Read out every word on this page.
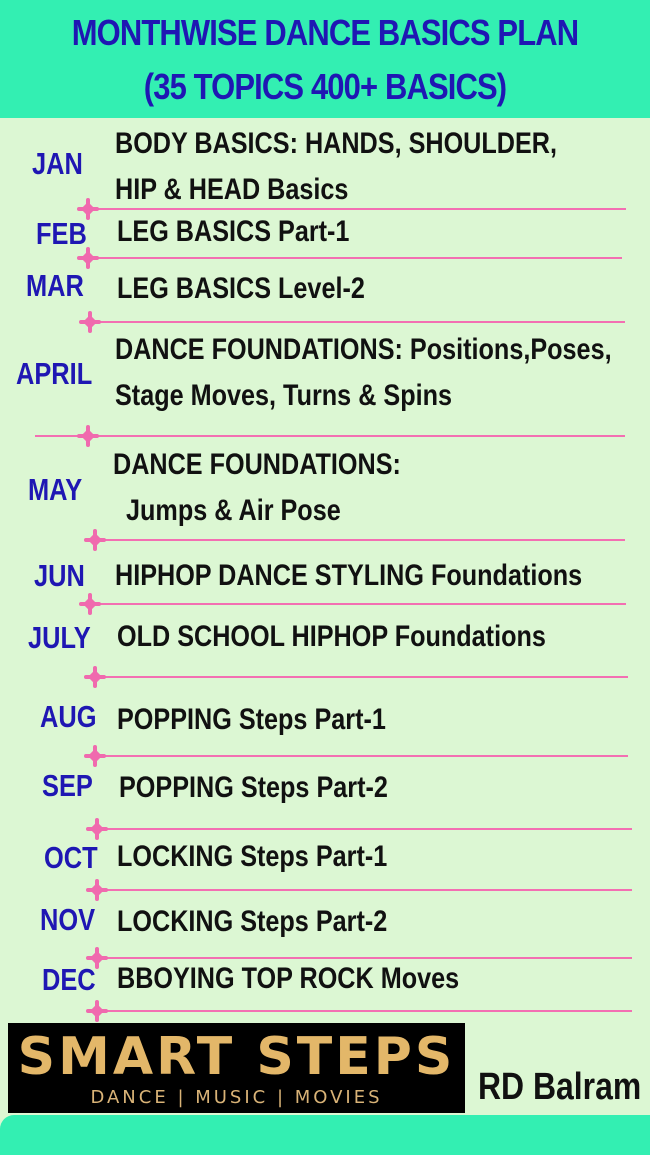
MONTHWISE DANCE BASICS PLAN
(35 TOPICS 400+ BASICS)
JAN
BODY BASICS: HANDS, SHOULDER,
HIP & HEAD Basics
FEB LEG BASICS Part-1
MAR LEG BASICS Level-2
APRIL
DANCE FOUNDATIONS: Positions,Poses,
Stage Moves, Turns & Spins
MAY
DANCE FOUNDATIONS:
Jumps & Air Pose
JUN HIPHOP DANCE STYLING Foundations
JULY OLD SCHOOL HIPHOP Foundations
AUG POPPING Steps Part-1
SEP POPPING Steps Part-2
OCT LOCKING Steps Part-1
NOV LOCKING Steps Part-2
DEC BBOYING TOP ROCK Moves
SMART STEPS
DANCE | MUSIC | MOVIES	RD Balram
